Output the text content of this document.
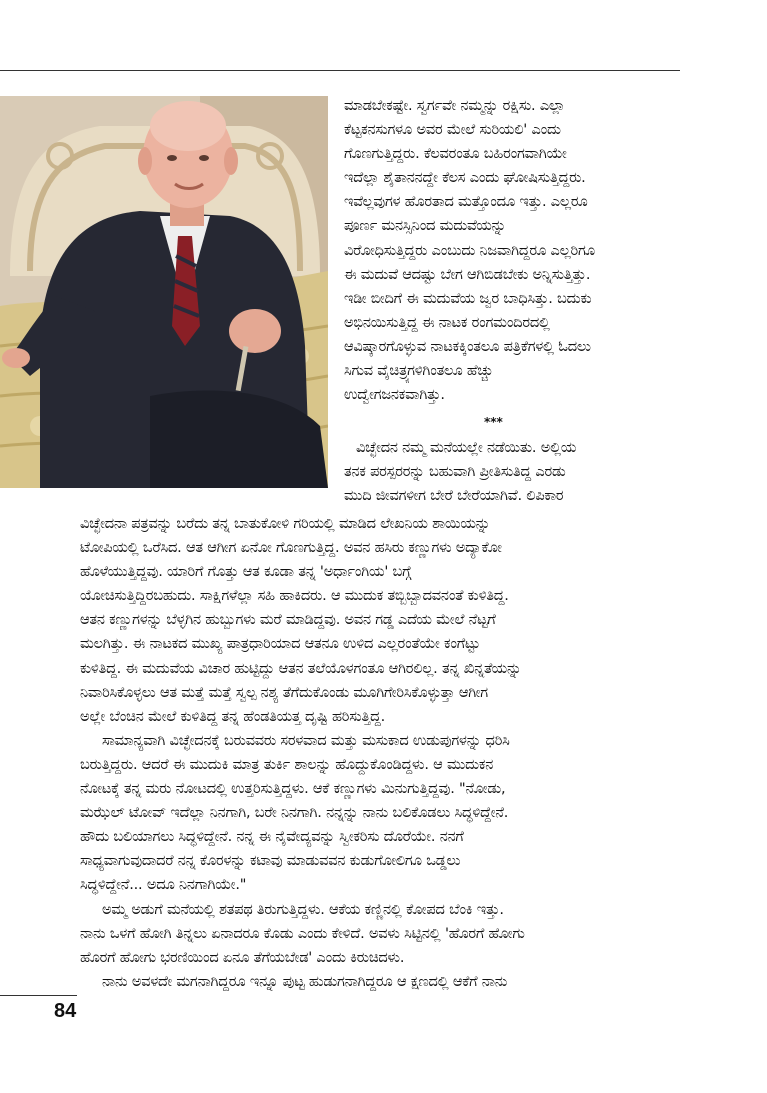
ಮಾಡಬೇಕಷ್ಟೇ. ಸ್ವರ್ಗವೇ ನಮ್ಮನ್ನು ರಕ್ಷಿಸು. ಎಲ್ಲಾ
ಕೆಟ್ಟಕನಸುಗಳೂ ಅವರ ಮೇಲೆ ಸುರಿಯಲಿ' ಎಂದು
ಗೊಣಗುತ್ತಿದ್ದರು. ಕೆಲವರಂತೂ ಬಹಿರಂಗವಾಗಿಯೇ
ಇದೆಲ್ಲಾ ಶೈತಾನನದ್ದೇ ಕೆಲಸ ಎಂದು ಘೋಷಿಸುತ್ತಿದ್ದರು.
ಇವೆಲ್ಲವುಗಳ ಹೊರತಾದ ಮತ್ತೊಂದೂ ಇತ್ತು. ಎಲ್ಲರೂ
ಪೂರ್ಣ ಮನಸ್ಸಿನಿಂದ ಮದುವೆಯನ್ನು
ವಿರೋಧಿಸುತ್ತಿದ್ದರು ಎಂಬುದು ನಿಜವಾಗಿದ್ದರೂ ಎಲ್ಲರಿಗೂ
ಈ ಮದುವೆ ಆದಷ್ಟು ಬೇಗ ಆಗಿಬಿಡಬೇಕು ಅನ್ನಿಸುತ್ತಿತ್ತು.
ಇಡೀ ಬೀದಿಗೆ ಈ ಮದುವೆಯ ಜ್ವರ ಬಾಧಿಸಿತ್ತು. ಬದುಕು
ಅಭಿನಯಿಸುತ್ತಿದ್ದ ಈ ನಾಟಕ ರಂಗಮಂದಿರದಲ್ಲಿ
ಆವಿಷ್ಕಾರಗೊಳ್ಳುವ ನಾಟಕಕ್ಕಿಂತಲೂ ಪತ್ರಿಕೆಗಳಲ್ಲಿ ಓದಲು
ಸಿಗುವ ವೈಚಿತ್ರ್ಯಗಳಿಗಿಂತಲೂ ಹೆಚ್ಚು
ಉದ್ವೇಗಜನಕವಾಗಿತ್ತು.
***
ವಿಚ್ಛೇದನ ನಮ್ಮ ಮನೆಯಲ್ಲೇ ನಡೆಯಿತು. ಅಲ್ಲಿಯ
ತನಕ ಪರಸ್ಪರರನ್ನು ಬಹುವಾಗಿ ಪ್ರೀತಿಸುತಿದ್ದ ಎರಡು
ಮುದಿ ಜೀವಗಳೀಗ ಬೇರೆ ಬೇರೆಯಾಗಿವೆ. ಲಿಪಿಕಾರ
ವಿಚ್ಛೇದನಾ ಪತ್ರವನ್ನು ಬರೆದು ತನ್ನ ಬಾತುಕೋಳಿ ಗರಿಯಲ್ಲಿ ಮಾಡಿದ ಲೇಖನಿಯ ಶಾಯಿಯನ್ನು
ಟೋಪಿಯಲ್ಲಿ ಒರೆಸಿದ. ಆತ ಆಗೀಗ ಏನೋ ಗೊಣಗುತ್ತಿದ್ದ. ಅವನ ಹಸಿರು ಕಣ್ಣುಗಳು ಅದ್ಯಾಕೋ
ಹೊಳೆಯುತ್ತಿದ್ದವು. ಯಾರಿಗೆ ಗೊತ್ತು ಆತ ಕೂಡಾ ತನ್ನ 'ಅರ್ಧಾಂಗಿಯ' ಬಗ್ಗೆ
ಯೋಚಿಸುತ್ತಿದ್ದಿರಬಹುದು. ಸಾಕ್ಷಿಗಳೆಲ್ಲಾ ಸಹಿ ಹಾಕಿದರು. ಆ ಮುದುಕ ತಬ್ಬಿಬ್ಬಾದವನಂತೆ ಕುಳಿತಿದ್ದ.
ಆತನ ಕಣ್ಣುಗಳನ್ನು ಬೆಳ್ಳಗಿನ ಹುಬ್ಬುಗಳು ಮರೆ ಮಾಡಿದ್ದವು. ಅವನ ಗಡ್ಡ ಎದೆಯ ಮೇಲೆ ನೆಟ್ಟಗೆ
ಮಲಗಿತ್ತು. ಈ ನಾಟಕದ ಮುಖ್ಯ ಪಾತ್ರಧಾರಿಯಾದ ಆತನೂ ಉಳಿದ ಎಲ್ಲರಂತೆಯೇ ಕಂಗೆಟ್ಟು
ಕುಳಿತಿದ್ದ. ಈ ಮದುವೆಯ ವಿಚಾರ ಹುಟ್ಟಿದ್ದು ಆತನ ತಲೆಯೊಳಗಂತೂ ಆಗಿರಲಿಲ್ಲ. ತನ್ನ ಖಿನ್ನತೆಯನ್ನು
ನಿವಾರಿಸಿಕೊಳ್ಳಲು ಆತ ಮತ್ತೆ ಮತ್ತೆ ಸ್ವಲ್ಪ ನಶ್ಯ ತೆಗೆದುಕೊಂಡು ಮೂಗಿಗೇರಿಸಿಕೊಳ್ಳುತ್ತಾ ಆಗೀಗ
ಅಲ್ಲೇ ಬೆಂಚಿನ ಮೇಲೆ ಕುಳಿತಿದ್ದ ತನ್ನ ಹೆಂಡತಿಯತ್ತ ದೃಷ್ಟಿ ಹರಿಸುತ್ತಿದ್ದ.
ಸಾಮಾನ್ಯವಾಗಿ ವಿಚ್ಛೇದನಕ್ಕೆ ಬರುವವರು ಸರಳವಾದ ಮತ್ತು ಮಸುಕಾದ ಉಡುಪುಗಳನ್ನು ಧರಿಸಿ
ಬರುತ್ತಿದ್ದರು. ಆದರೆ ಈ ಮುದುಕಿ ಮಾತ್ರ ತುರ್ಕಿ ಶಾಲನ್ನು ಹೊದ್ದುಕೊಂಡಿದ್ದಳು. ಆ ಮುದುಕನ
ನೋಟಕ್ಕೆ ತನ್ನ ಮರು ನೋಟದಲ್ಲಿ ಉತ್ತರಿಸುತ್ತಿದ್ದಳು. ಆಕೆ ಕಣ್ಣುಗಳು ಮಿನುಗುತ್ತಿದ್ದವು. "ನೋಡು,
ಮಝೆಲ್ ಟೋವ್ ಇದೆಲ್ಲಾ ನಿನಗಾಗಿ, ಬರೇ ನಿನಗಾಗಿ. ನನ್ನನ್ನು ನಾನು ಬಲಿಕೊಡಲು ಸಿದ್ಧಳಿದ್ದೇನೆ.
ಹೌದು ಬಲಿಯಾಗಲು ಸಿದ್ಧಳಿದ್ದೇನೆ. ನನ್ನ ಈ ನೈವೇದ್ಯವನ್ನು ಸ್ವೀಕರಿಸು ದೊರೆಯೇ. ನನಗೆ
ಸಾಧ್ಯವಾಗುವುದಾದರೆ ನನ್ನ ಕೊರಳನ್ನು ಕಟಾವು ಮಾಡುವವನ ಕುಡುಗೋಲಿಗೂ ಒಡ್ಡಲು
ಸಿದ್ಧಳಿದ್ದೇನೆ... ಅದೂ ನಿನಗಾಗಿಯೇ."
ಅಮ್ಮ ಅಡುಗೆ ಮನೆಯಲ್ಲಿ ಶತಪಥ ತಿರುಗುತ್ತಿದ್ದಳು. ಆಕೆಯ ಕಣ್ಣಿನಲ್ಲಿ ಕೋಪದ ಬೆಂಕಿ ಇತ್ತು.
ನಾನು ಒಳಗೆ ಹೋಗಿ ತಿನ್ನಲು ಏನಾದರೂ ಕೊಡು ಎಂದು ಕೇಳಿದೆ. ಅವಳು ಸಿಟ್ಟಿನಲ್ಲಿ 'ಹೊರಗೆ ಹೋಗು
ಹೊರಗೆ ಹೋಗು ಭರಣಿಯಿಂದ ಏನೂ ತೆಗೆಯಬೇಡ' ಎಂದು ಕಿರುಚಿದಳು.
ನಾನು ಅವಳದೇ ಮಗನಾಗಿದ್ದರೂ ಇನ್ನೂ ಪುಟ್ಟ ಹುಡುಗನಾಗಿದ್ದರೂ ಆ ಕ್ಷಣದಲ್ಲಿ ಆಕೆಗೆ ನಾನು
84
